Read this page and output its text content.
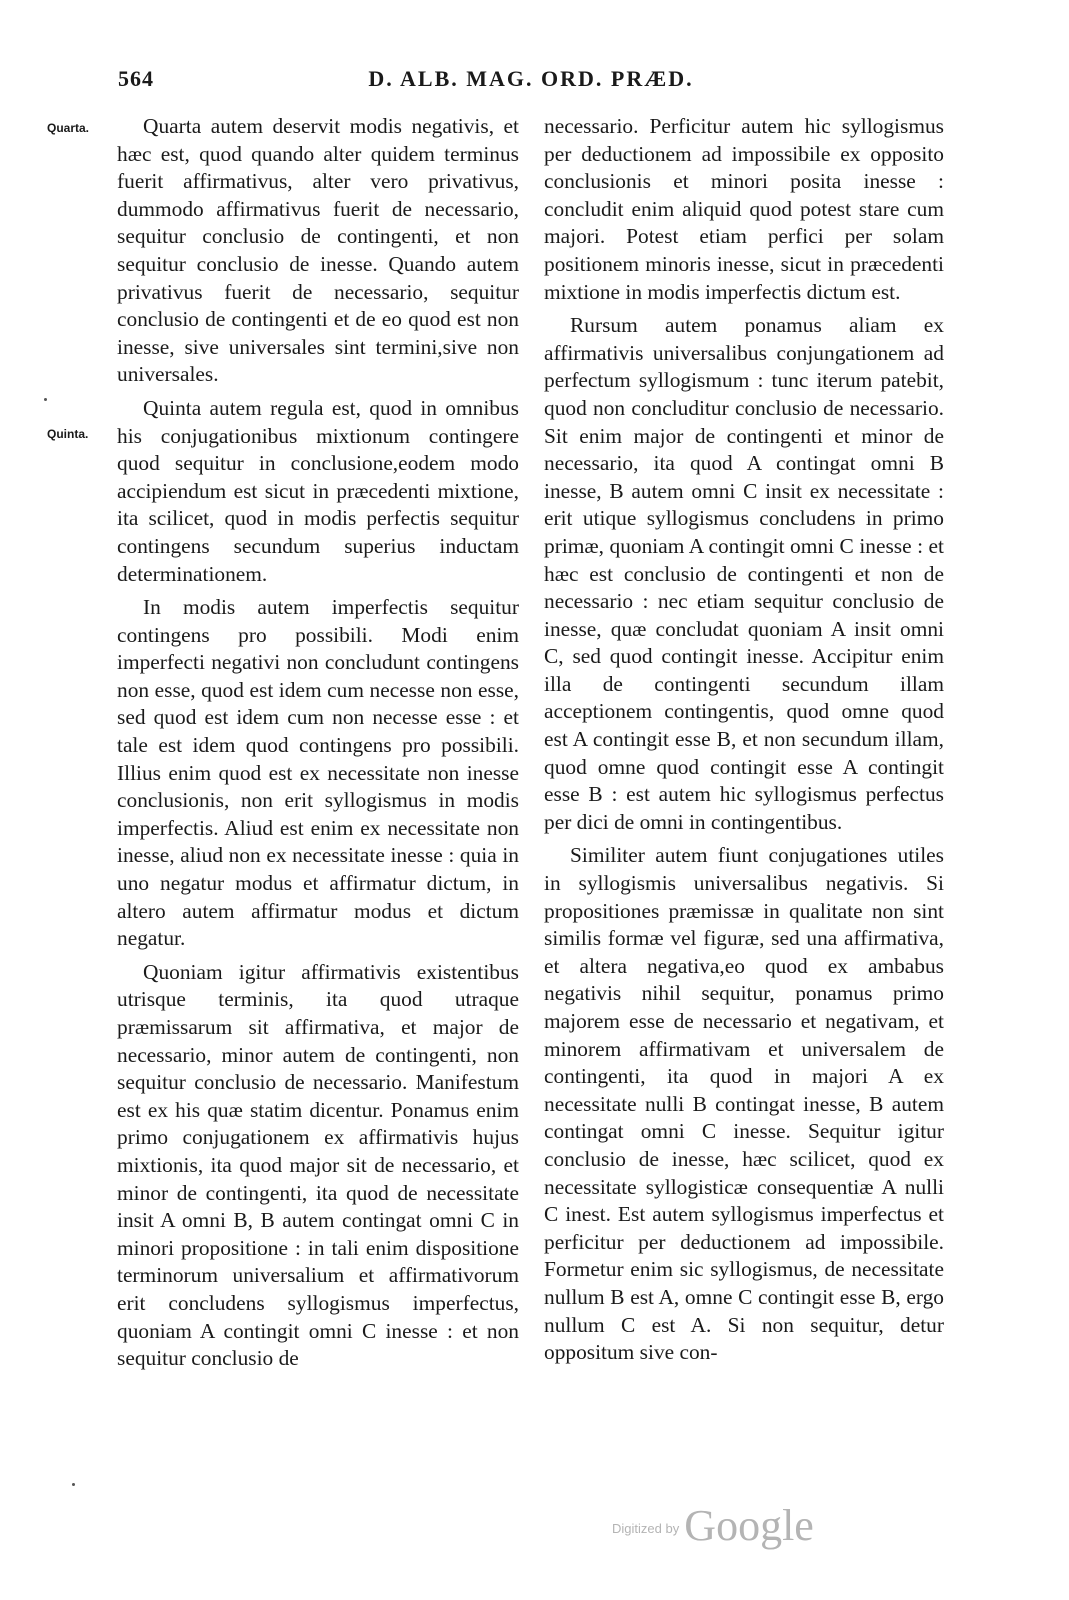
564	D. ALB. MAG. ORD. PRÆD.
Quarta.
Quinta.

Quarta autem deservit modis negativis, et hæc est, quod quando alter quidem terminus fuerit affirmativus, alter vero privativus, dummodo affirmativus fuerit de necessario, sequitur conclusio de contingenti, et non sequitur conclusio de inesse. Quando autem privativus fuerit de necessario, sequitur conclusio de contingenti et de eo quod est non inesse, sive universales sint termini,sive non universales.

Quinta autem regula est, quod in omnibus his conjugationibus mixtionum contingere quod sequitur in conclusione,eodem modo accipiendum est sicut in præcedenti mixtione, ita scilicet, quod in modis perfectis sequitur contingens secundum superius inductam determinationem.

In modis autem imperfectis sequitur contingens pro possibili. Modi enim imperfecti negativi non concludunt contingens non esse, quod est idem cum necesse non esse, sed quod est idem cum non necesse esse : et tale est idem quod contingens pro possibili. Illius enim quod est ex necessitate non inesse conclusionis, non erit syllogismus in modis imperfectis. Aliud est enim ex necessitate non inesse, aliud non ex necessitate inesse : quia in uno negatur modus et affirmatur dictum, in altero autem affirmatur modus et dictum negatur.

Quoniam igitur affirmativis existentibus utrisque terminis, ita quod utraque præmissarum sit affirmativa, et major de necessario, minor autem de contingenti, non sequitur conclusio de necessario. Manifestum est ex his quæ statim dicentur. Ponamus enim primo conjugationem ex affirmativis hujus mixtionis, ita quod major sit de necessario, et minor de contingenti, ita quod de necessitate insit A omni B, B autem contingat omni C in minori propositione : in tali enim dispositione terminorum universalium et affirmativorum erit concludens syllogismus imperfectus, quoniam A contingit omni C inesse : et non sequitur conclusio de

necessario. Perficitur autem hic syllogismus per deductionem ad impossibile ex opposito conclusionis et minori posita inesse : concludit enim aliquid quod potest stare cum majori. Potest etiam perfici per solam positionem minoris inesse, sicut in præcedenti mixtione in modis imperfectis dictum est.

Rursum autem ponamus aliam ex affirmativis universalibus conjungationem ad perfectum syllogismum : tunc iterum patebit, quod non concluditur conclusio de necessario. Sit enim major de contingenti et minor de necessario, ita quod A contingat omni B inesse, B autem omni C insit ex necessitate : erit utique syllogismus concludens in primo primæ, quoniam A contingit omni C inesse : et hæc est conclusio de contingenti et non de necessario : nec etiam sequitur conclusio de inesse, quæ concludat quoniam A insit omni C, sed quod contingit inesse. Accipitur enim illa de contingenti secundum illam acceptionem contingentis, quod omne quod est A contingit esse B, et non secundum illam, quod omne quod contingit esse A contingit esse B : est autem hic syllogismus perfectus per dici de omni in contingentibus.

Similiter autem fiunt conjugationes utiles in syllogismis universalibus negativis. Si propositiones præmissæ in qualitate non sint similis formæ vel figuræ, sed una affirmativa, et altera negativa,eo quod ex ambabus negativis nihil sequitur, ponamus primo majorem esse de necessario et negativam, et minorem affirmativam et universalem de contingenti, ita quod in majori A ex necessitate nulli B contingat inesse, B autem contingat omni C inesse. Sequitur igitur conclusio de inesse, hæc scilicet, quod ex necessitate syllogisticæ consequentiæ A nulli C inest. Est autem syllogismus imperfectus et perficitur per deductionem ad impossibile. Formetur enim sic syllogismus, de necessitate nullum B est A, omne C contingit esse B, ergo nullum C est A. Si non sequitur, detur oppositum sive con-

$^{Digitized by}$ Google
